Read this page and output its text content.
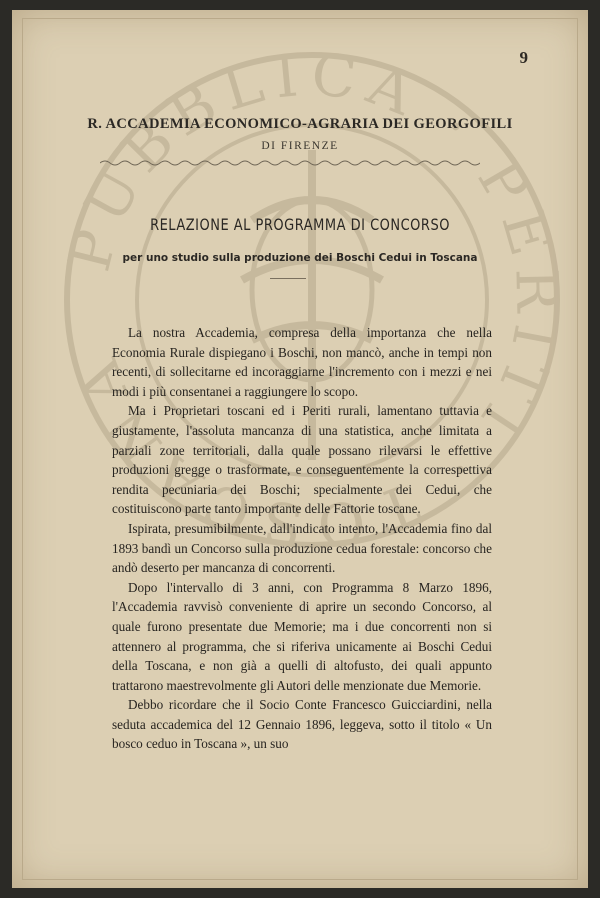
PUBBLICA · PERITI · TOSCANA
9
R. ACCADEMIA ECONOMICO-AGRARIA DEI GEORGOFILI
DI FIRENZE
RELAZIONE AL PROGRAMMA DI CONCORSO
per uno studio sulla produzione dei Boschi Cedui in Toscana

La nostra Accademia, compresa della importanza che nella Economia Rurale dispiegano i Boschi, non mancò, anche in tempi non recenti, di sollecitarne ed incoraggiarne l'incremento con i mezzi e nei modi i più consentanei a raggiungere lo scopo.

Ma i Proprietari toscani ed i Periti rurali, lamentano tuttavia e giustamente, l'assoluta mancanza di una statistica, anche limitata a parziali zone territoriali, dalla quale possano rilevarsi le effettive produzioni gregge o trasformate, e conseguentemente la correspettiva rendita pecuniaria dei Boschi; specialmente dei Cedui, che costituiscono parte tanto importante delle Fattorie toscane.

Ispirata, presumibilmente, dall'indicato intento, l'Accademia fino dal 1893 bandì un Concorso sulla produzione cedua forestale: concorso che andò deserto per mancanza di concorrenti.

Dopo l'intervallo di 3 anni, con Programma 8 Marzo 1896, l'Accademia ravvisò conveniente di aprire un secondo Concorso, al quale furono presentate due Memorie; ma i due concorrenti non si attennero al programma, che si riferiva unicamente ai Boschi Cedui della Toscana, e non già a quelli di altofusto, dei quali appunto trattarono maestrevolmente gli Autori delle menzionate due Memorie.

Debbo ricordare che il Socio Conte Francesco Guicciardini, nella seduta accademica del 12 Gennaio 1896, leggeva, sotto il titolo « Un bosco ceduo in Toscana », un suo
